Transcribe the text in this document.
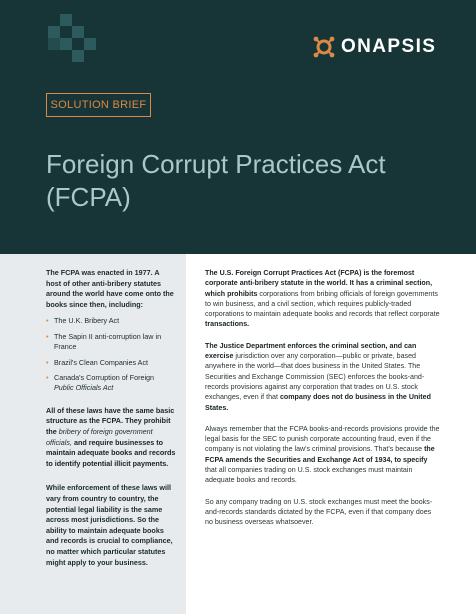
ONAPSIS
SOLUTION BRIEF
Foreign Corrupt Practices Act
(FCPA)

The FCPA was enacted in 1977. A host of other anti-bribery statutes around the world have come onto the books since then, including:

• The U.K. Bribery Act
• The Sapin II anti-corruption law in France
• Brazil's Clean Companies Act
• Canada's Corruption of Foreign
Public Officials Act

All of these laws have the same basic structure as the FCPA. They prohibit the bribery of foreign government officials, and require businesses to maintain adequate books and records to identify potential illicit payments.

While enforcement of these laws will vary from country to country, the potential legal liability is the same across most jurisdictions. So the ability to maintain adequate books and records is crucial to compliance, no matter which particular statutes might apply to your business.

The U.S. Foreign Corrupt Practices Act (FCPA) is the foremost corporate anti-bribery statute in the world. It has a criminal section, which prohibits corporations from bribing officials of foreign governments to win business, and a civil section, which requires publicly-traded corporations to maintain adequate books and records that reflect corporate transactions.

The Justice Department enforces the criminal section, and can exercise jurisdiction over any corporation—public or private, based anywhere in the world—that does business in the United States. The Securities and Exchange Commission (SEC) enforces the books-and-records provisions against any corporation that trades on U.S. stock exchanges, even if that company does not do business in the United States.

Always remember that the FCPA books-and-records provisions provide the legal basis for the SEC to punish corporate accounting fraud, even if the company is not violating the law's criminal provisions. That's because the FCPA amends the Securities and Exchange Act of 1934, to specify that all companies trading on U.S. stock exchanges must maintain adequate books and records.

So any company trading on U.S. stock exchanges must meet the books-and-records standards dictated by the FCPA, even if that company does no business overseas whatsoever.
